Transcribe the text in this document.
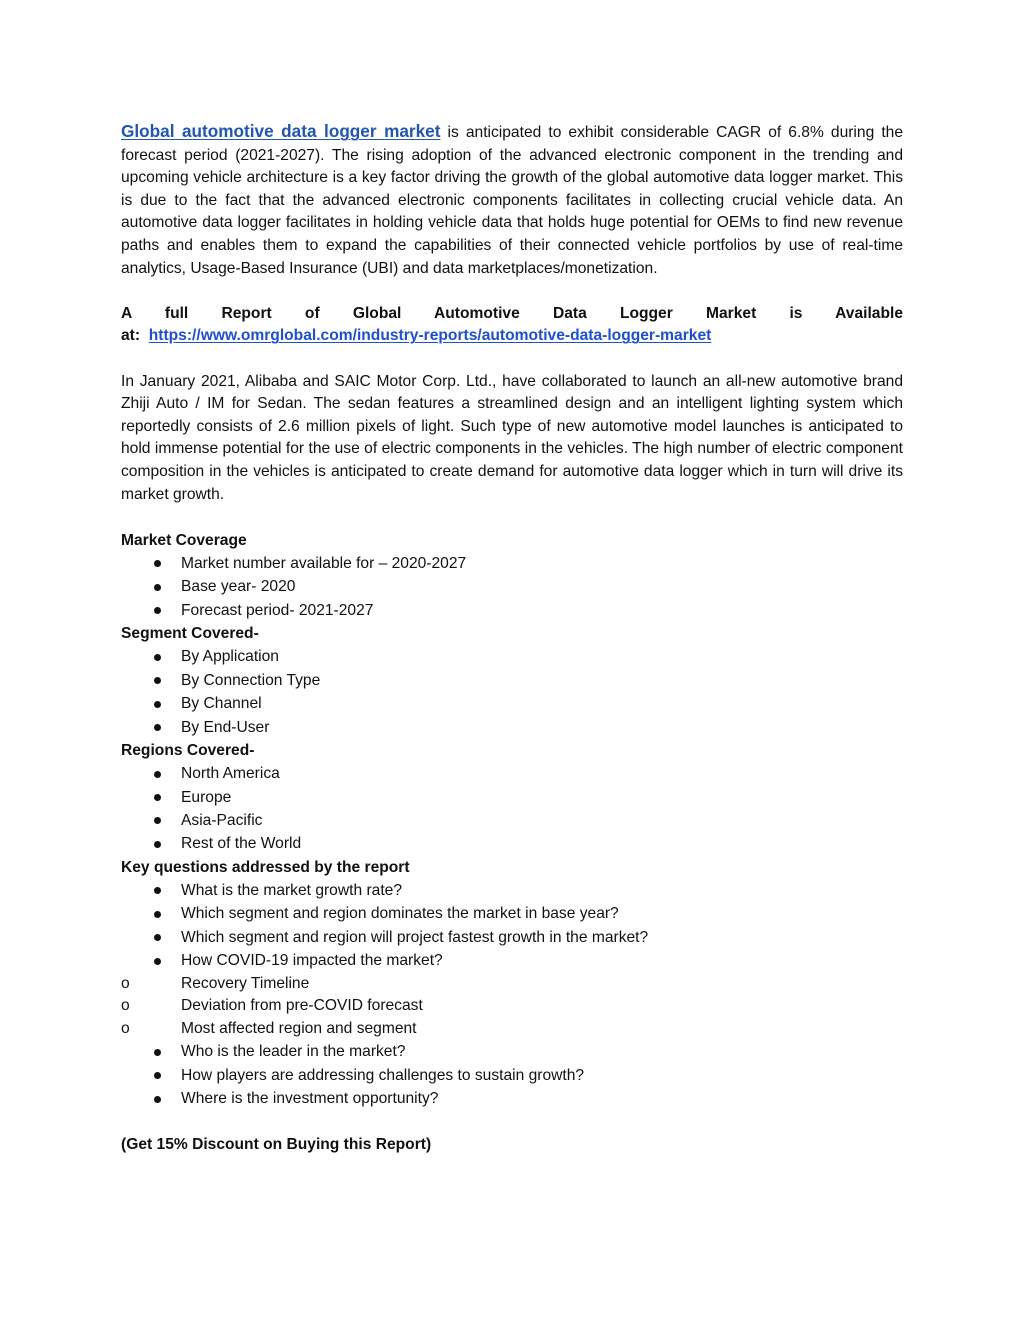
Global automotive data logger market is anticipated to exhibit considerable CAGR of 6.8% during the forecast period (2021-2027). The rising adoption of the advanced electronic component in the trending and upcoming vehicle architecture is a key factor driving the growth of the global automotive data logger market. This is due to the fact that the advanced electronic components facilitates in collecting crucial vehicle data. An automotive data logger facilitates in holding vehicle data that holds huge potential for OEMs to find new revenue paths and enables them to expand the capabilities of their connected vehicle portfolios by use of real-time analytics, Usage-Based Insurance (UBI) and data marketplaces/monetization.

A full Report of Global Automotive Data Logger Market is Available

at: https://www.omrglobal.com/industry-reports/automotive-data-logger-market

In January 2021, Alibaba and SAIC Motor Corp. Ltd., have collaborated to launch an all-new automotive brand Zhiji Auto / IM for Sedan. The sedan features a streamlined design and an intelligent lighting system which reportedly consists of 2.6 million pixels of light. Such type of new automotive model launches is anticipated to hold immense potential for the use of electric components in the vehicles. The high number of electric component composition in the vehicles is anticipated to create demand for automotive data logger which in turn will drive its market growth.

Market Coverage

Market number available for – 2020-2027
Base year- 2020
Forecast period- 2021-2027

Segment Covered-

By Application
By Connection Type
By Channel
By End-User

Regions Covered-

North America
Europe
Asia-Pacific
Rest of the World

Key questions addressed by the report

What is the market growth rate?
Which segment and region dominates the market in base year?
Which segment and region will project fastest growth in the market?
How COVID-19 impacted the market?
o	Recovery Timeline
o	Deviation from pre-COVID forecast
o	Most affected region and segment
Who is the leader in the market?
How players are addressing challenges to sustain growth?
Where is the investment opportunity?

(Get 15% Discount on Buying this Report)
